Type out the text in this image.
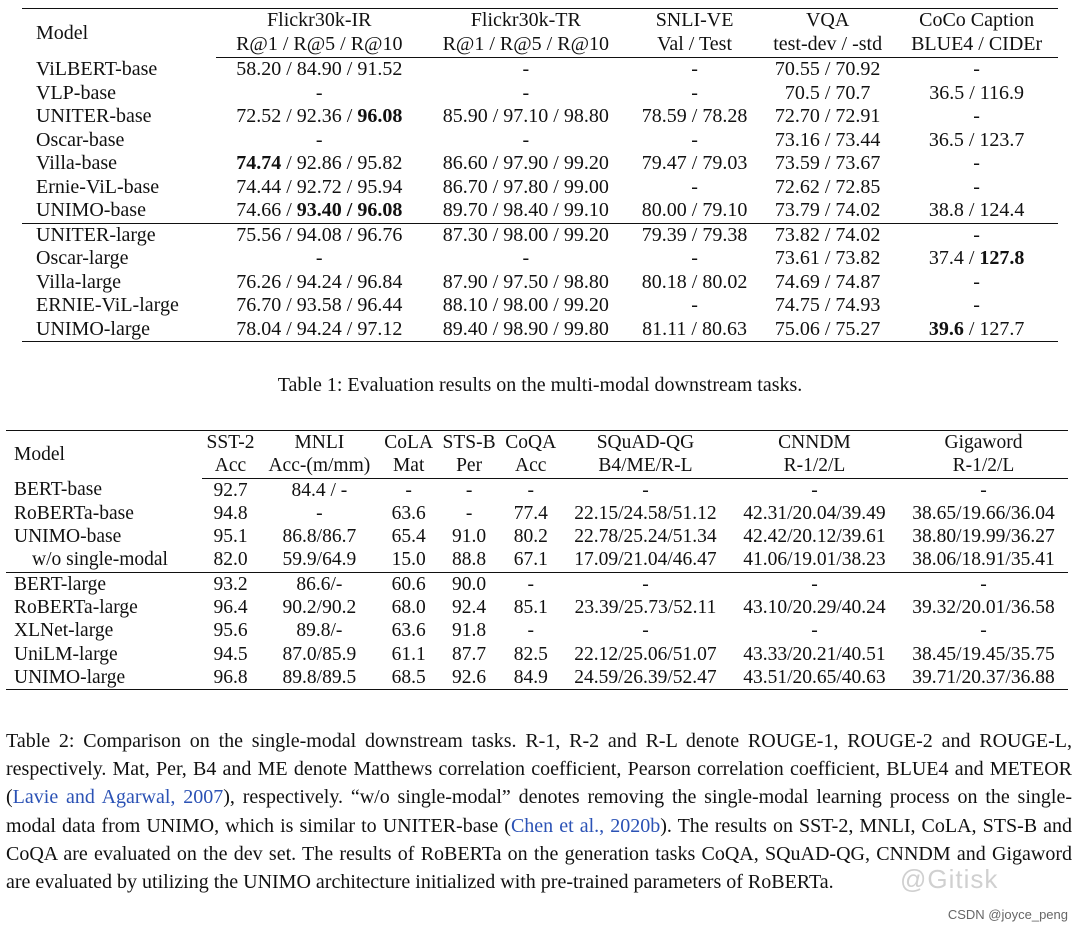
Model	Flickr30k-IR	Flickr30k-TR	SNLI-VE	VQA	CoCo Caption
	R@1 / R@5 / R@10	R@1 / R@5 / R@10	Val / Test	test-dev / -std	BLUE4 / CIDEr
ViLBERT-base	58.20 / 84.90 / 91.52	-	-	70.55 / 70.92	-
VLP-base	-	-	-	70.5 / 70.7	36.5 / 116.9
UNITER-base	72.52 / 92.36 / 96.08	85.90 / 97.10 / 98.80	78.59 / 78.28	72.70 / 72.91	-
Oscar-base	-	-	-	73.16 / 73.44	36.5 / 123.7
Villa-base	74.74 / 92.86 / 95.82	86.60 / 97.90 / 99.20	79.47 / 79.03	73.59 / 73.67	-
Ernie-ViL-base	74.44 / 92.72 / 95.94	86.70 / 97.80 / 99.00	-	72.62 / 72.85	-
UNIMO-base	74.66 / 93.40 / 96.08	89.70 / 98.40 / 99.10	80.00 / 79.10	73.79 / 74.02	38.8 / 124.4
UNITER-large	75.56 / 94.08 / 96.76	87.30 / 98.00 / 99.20	79.39 / 79.38	73.82 / 74.02	-
Oscar-large	-	-	-	73.61 / 73.82	37.4 / 127.8
Villa-large	76.26 / 94.24 / 96.84	87.90 / 97.50 / 98.80	80.18 / 80.02	74.69 / 74.87	-
ERNIE-ViL-large	76.70 / 93.58 / 96.44	88.10 / 98.00 / 99.20	-	74.75 / 74.93	-
UNIMO-large	78.04 / 94.24 / 97.12	89.40 / 98.90 / 99.80	81.11 / 80.63	75.06 / 75.27	39.6 / 127.7
Table 1: Evaluation results on the multi-modal downstream tasks.
Model	SST-2	MNLI	CoLA	STS-B	CoQA	SQuAD-QG	CNNDM	Gigaword
	Acc	Acc-(m/mm)	Mat	Per	Acc	B4/ME/R-L	R-1/2/L	R-1/2/L
BERT-base	92.7	84.4 / -	-	-	-	-	-	-
RoBERTa-base	94.8	-	63.6	-	77.4	22.15/24.58/51.12	42.31/20.04/39.49	38.65/19.66/36.04
UNIMO-base	95.1	86.8/86.7	65.4	91.0	80.2	22.78/25.24/51.34	42.42/20.12/39.61	38.80/19.99/36.27
w/o single-modal	82.0	59.9/64.9	15.0	88.8	67.1	17.09/21.04/46.47	41.06/19.01/38.23	38.06/18.91/35.41
BERT-large	93.2	86.6/-	60.6	90.0	-	-	-	-
RoBERTa-large	96.4	90.2/90.2	68.0	92.4	85.1	23.39/25.73/52.11	43.10/20.29/40.24	39.32/20.01/36.58
XLNet-large	95.6	89.8/-	63.6	91.8	-	-	-	-
UniLM-large	94.5	87.0/85.9	61.1	87.7	82.5	22.12/25.06/51.07	43.33/20.21/40.51	38.45/19.45/35.75
UNIMO-large	96.8	89.8/89.5	68.5	92.6	84.9	24.59/26.39/52.47	43.51/20.65/40.63	39.71/20.37/36.88
Table 2: Comparison on the single-modal downstream tasks. R-1, R-2 and R-L denote ROUGE-1, ROUGE-2 and ROUGE-L, respectively. Mat, Per, B4 and ME denote Matthews correlation coefficient, Pearson correlation coefficient, BLUE4 and METEOR (Lavie and Agarwal, 2007), respectively. “w/o single-modal” denotes removing the single-modal learning process on the single-modal data from UNIMO, which is similar to UNITER-base (Chen et al., 2020b). The results on SST-2, MNLI, CoLA, STS-B and CoQA are evaluated on the dev set. The results of RoBERTa on the generation tasks CoQA, SQuAD-QG, CNNDM and Gigaword are evaluated by utilizing the UNIMO architecture initialized with pre-trained parameters of RoBERTa.	@Gitisk
CSDN @joyce_peng
